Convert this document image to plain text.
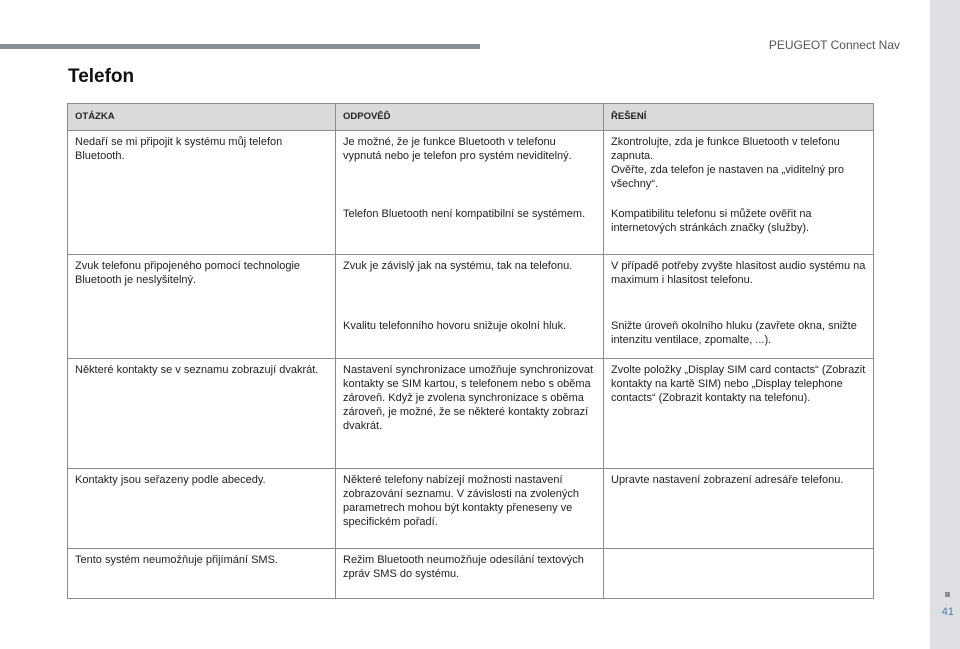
PEUGEOT Connect Nav
41
Telefon
OTÁZKA	ODPOVĚĎ	ŘEŠENÍ

Nedaří se mi připojit k systému můj telefon Bluetooth.	Je možné, že je funkce Bluetooth v telefonu vypnutá nebo je telefon pro systém neviditelný.	Zkontrolujte, zda je funkce Bluetooth v telefonu zapnuta.
Ověřte, zda telefon je nastaven na „viditelný pro všechny“.

	Telefon Bluetooth není kompatibilní se systémem.	Kompatibilitu telefonu si můžete ověřit na internetových stránkách značky (služby).

Zvuk telefonu připojeného pomocí technologie Bluetooth je neslyšitelný.	Zvuk je závislý jak na systému, tak na telefonu.	V případě potřeby zvyšte hlasitost audio systému na maximum i hlasitost telefonu.

	Kvalitu telefonního hovoru snižuje okolní hluk.	Snižte úroveň okolního hluku (zavřete okna, snižte intenzitu ventilace, zpomalte, ...).

Některé kontakty se v seznamu zobrazují dvakrát.	Nastavení synchronizace umožňuje synchronizovat kontakty se SIM kartou, s telefonem nebo s oběma zároveň. Když je zvolena synchronizace s oběma zároveň, je možné, že se některé kontakty zobrazí dvakrát.	Zvolte položky „Display SIM card contacts“ (Zobrazit kontakty na kartě SIM) nebo „Display telephone contacts“ (Zobrazit kontakty na telefonu).

Kontakty jsou seřazeny podle abecedy.	Některé telefony nabízejí možnosti nastavení zobrazování seznamu. V závislosti na zvolených parametrech mohou být kontakty přeneseny ve specifickém pořadí.	Upravte nastavení zobrazení adresáře telefonu.

Tento systém neumožňuje přijímání SMS.	Režim Bluetooth neumožňuje odesílání textových zpráv SMS do systému.	
